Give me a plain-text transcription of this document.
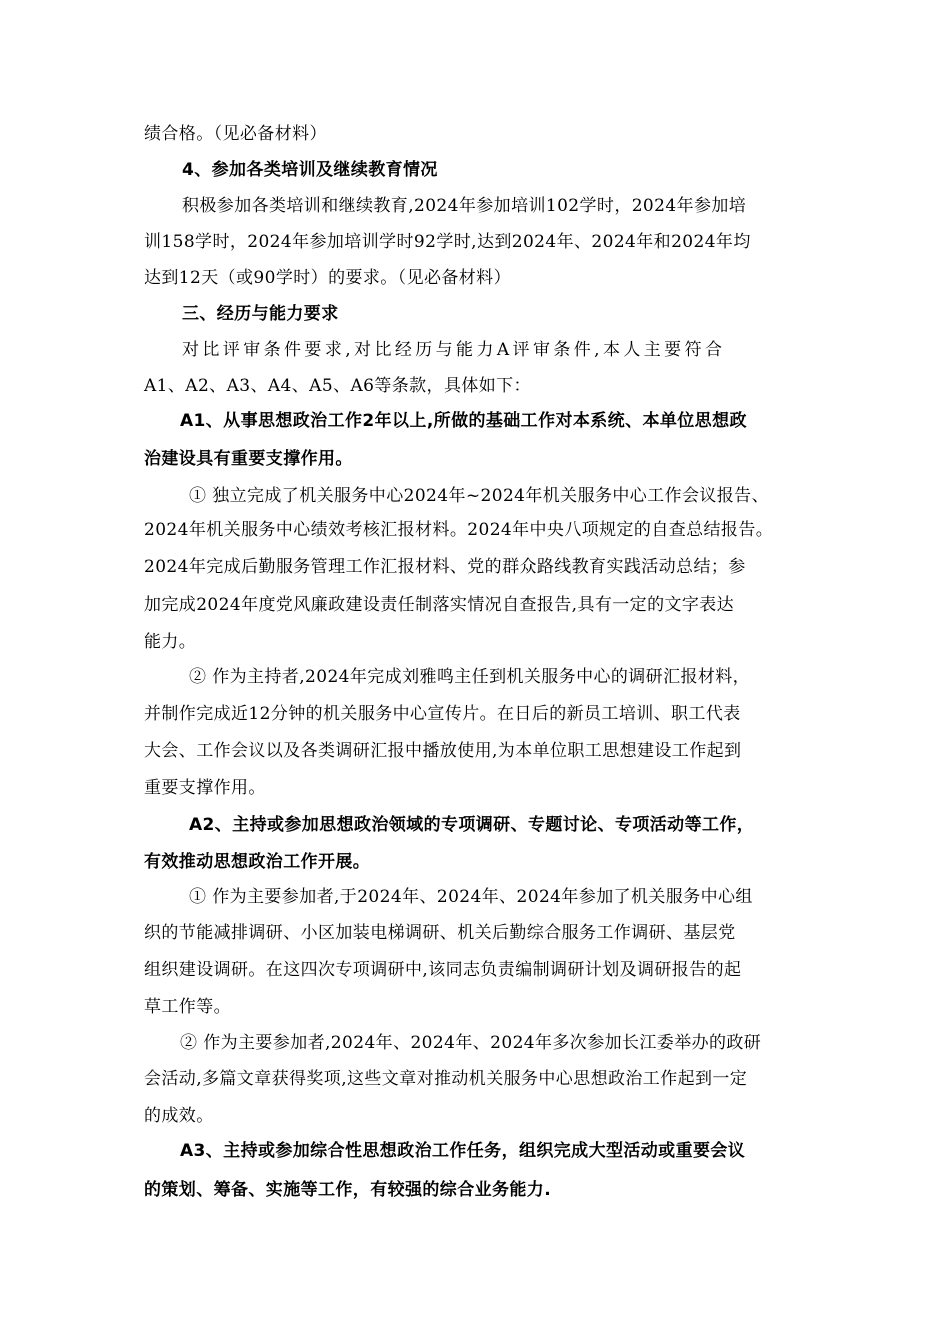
绩合格。（见必备材料）
4、参加各类培训及继续教育情况
积极参加各类培训和继续教育,2024年参加培训102学时，2024年参加培
训158学时，2024年参加培训学时92学时,达到2024年、2024年和2024年均
达到12天（或90学时）的要求。（见必备材料）
三、经历与能力要求
对 比 评 审 条 件 要 求 , 对 比 经 历 与 能 力 A 评 审 条 件 , 本 人 主 要 符 合
A1、A2、A3、A4、A5、A6等条款，具体如下：
A1、从事思想政治工作2年以上,所做的基础工作对本系统、本单位思想政
治建设具有重要支撑作用。
① 独立完成了机关服务中心2024年~2024年机关服务中心工作会议报告、
2024年机关服务中心绩效考核汇报材料。2024年中央八项规定的自查总结报告。
2024年完成后勤服务管理工作汇报材料、党的群众路线教育实践活动总结；参
加完成2024年度党风廉政建设责任制落实情况自查报告,具有一定的文字表达
能力。
② 作为主持者,2024年完成刘雅鸣主任到机关服务中心的调研汇报材料，
并制作完成近12分钟的机关服务中心宣传片。在日后的新员工培训、职工代表
大会、工作会议以及各类调研汇报中播放使用,为本单位职工思想建设工作起到
重要支撑作用。
A2、主持或参加思想政治领域的专项调研、专题讨论、专项活动等工作，
有效推动思想政治工作开展。
① 作为主要参加者,于2024年、2024年、2024年参加了机关服务中心组
织的节能减排调研、小区加装电梯调研、机关后勤综合服务工作调研、基层党
组织建设调研。在这四次专项调研中,该同志负责编制调研计划及调研报告的起
草工作等。
② 作为主要参加者,2024年、2024年、2024年多次参加长江委举办的政研
会活动,多篇文章获得奖项,这些文章对推动机关服务中心思想政治工作起到一定
的成效。
A3、主持或参加综合性思想政治工作任务，组织完成大型活动或重要会议
的策划、筹备、实施等工作，有较强的综合业务能力.
